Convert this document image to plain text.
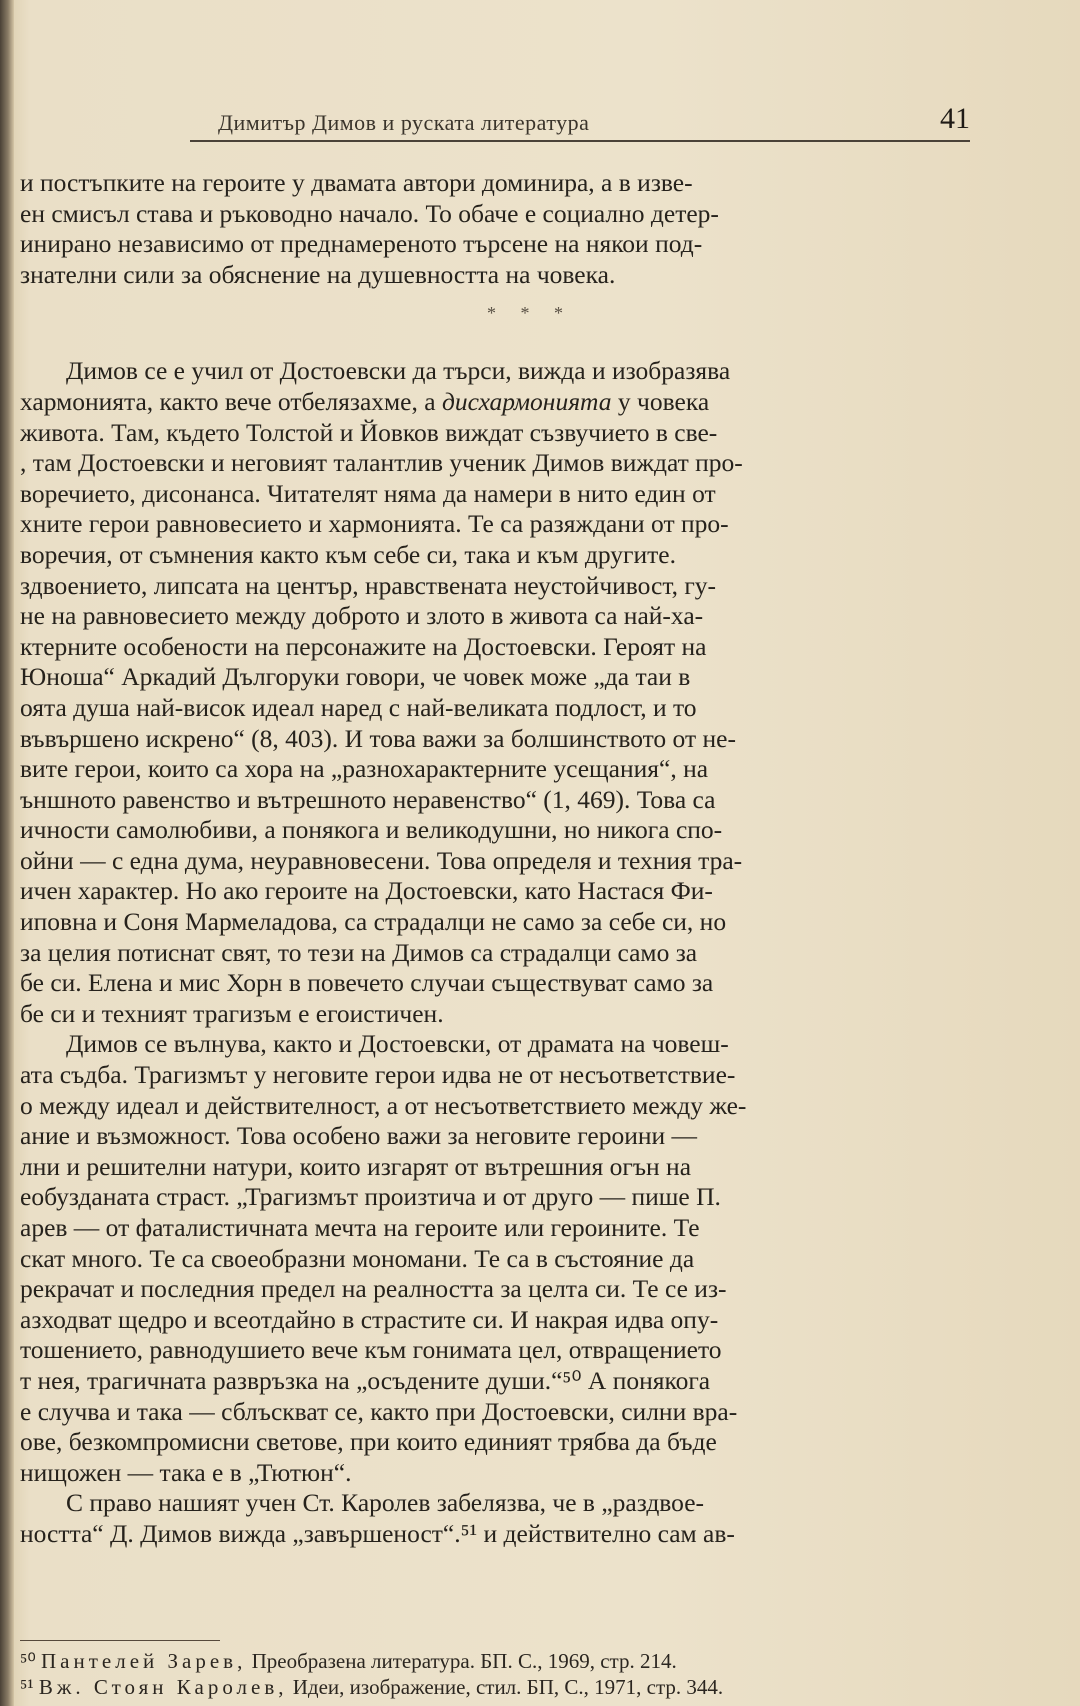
Димитър Димов и руската литература	41
и постъпките на героите у двамата автори доминира, а в изве-
ен смисъл става и ръководно начало. То обаче е социално детер-
инирано независимо от преднамереното търсене на някои под-
знателни сили за обяснение на душевността на човека.
* * *
Димов се е учил от Достоевски да търси, вижда и изобразява
хармонията, както вече отбелязахме, а дисхармонията у човека
живота. Там, където Толстой и Йовков виждат съзвучието в све-
, там Достоевски и неговият талантлив ученик Димов виждат про-
воречието, дисонанса. Читателят няма да намери в нито един от
хните герои равновесието и хармонията. Те са разяждани от про-
воречия, от съмнения както към себе си, така и към другите.
здвоението, липсата на център, нравствената неустойчивост, гу-
не на равновесието между доброто и злото в живота са най-ха-
ктерните особености на персонажите на Достоевски. Героят на
Юноша“ Аркадий Дългоруки говори, че човек може „да таи в
оята душа най-висок идеал наред с най-великата подлост, и то
въвършено искрено“ (8, 403). И това важи за болшинството от не-
вите герои, които са хора на „разнохарактерните усещания“, на
ъншното равенство и вътрешното неравенство“ (1, 469). Това са
ичности самолюбиви, а понякога и великодушни, но никога спо-
ойни — с една дума, неуравновесени. Това определя и техния тра-
ичен характер. Но ако героите на Достоевски, като Настася Фи-
иповна и Соня Мармеладова, са страдалци не само за себе си, но
за целия потиснат свят, то тези на Димов са страдалци само за
бе си. Елена и мис Хорн в повечето случаи съществуват само за
бе си и техният трагизъм е егоистичен.
Димов се вълнува, както и Достоевски, от драмата на човеш-
ата съдба. Трагизмът у неговите герои идва не от несъответствие-
о между идеал и действителност, а от несъответствието между же-
ание и възможност. Това особено важи за неговите героини —
лни и решителни натури, които изгарят от вътрешния огън на
еобузданата страст. „Трагизмът произтича и от друго — пише П.
арев — от фаталистичната мечта на героите или героините. Те
скат много. Те са своеобразни мономани. Те са в състояние да
рекрачат и последния предел на реалността за целта си. Те се из-
азходват щедро и всеотдайно в страстите си. И накрая идва опу-
тошението, равнодушието вече към гонимата цел, отвращението
т нея, трагичната развръзка на „осъдените души.“⁵⁰ А понякога
е случва и така — сблъскват се, както при Достоевски, силни вра-
ове, безкомпромисни светове, при които единият трябва да бъде
нищожен — така е в „Тютюн“.
С право нашият учен Ст. Каролев забелязва, че в „раздвое-
ността“ Д. Димов вижда „завършеност“.⁵¹ и действително сам ав-
⁵⁰ Пантелей Зарев, Преобразена литература. БП. С., 1969, стр. 214.
⁵¹ Вж. Стоян Каролев, Идеи, изображение, стил. БП, С., 1971, стр. 344.
